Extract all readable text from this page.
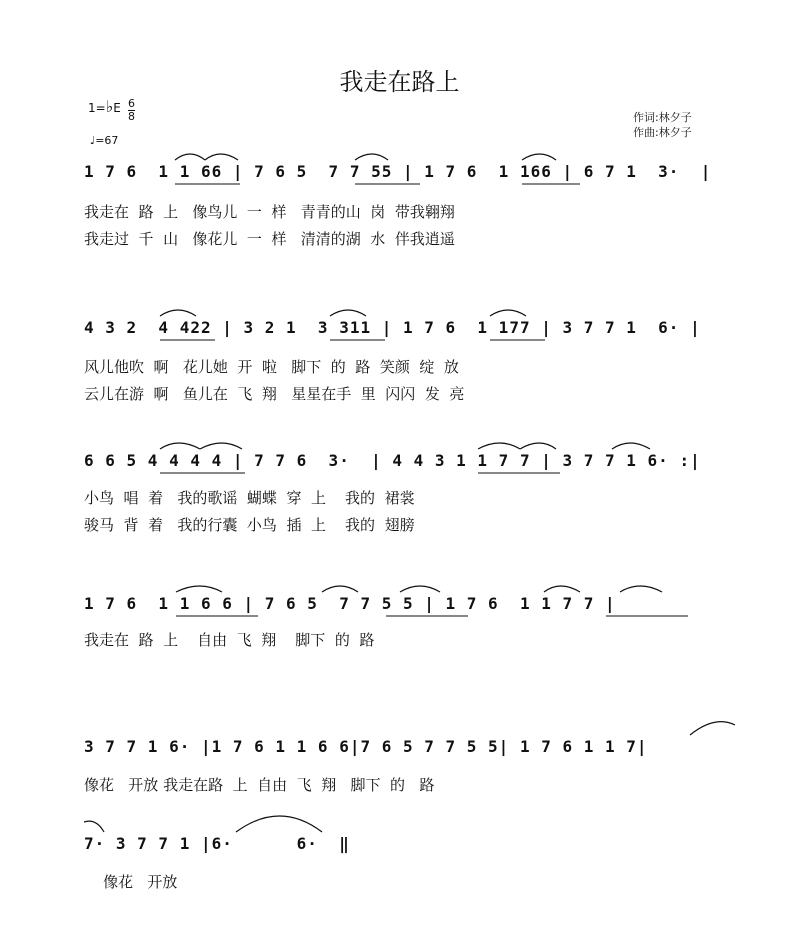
我走在路上
1=♭E $\frac{6}{8}$
♩=67
作词:林夕子
作曲:林夕子
1 7 6  1 1 66 | 7 6 5  7 7 55 | 1 7 6  1 166 | 6 7 1  3·  |
我走在  路  上   像鸟儿  一  样   青青的山  岗  带我翱翔
我走过  千  山   像花儿  一  样   清清的湖  水  伴我逍遥
4 3 2  4 422 | 3 2 1  3 311 | 1 7 6  1 177 | 3 7 7 1  6· |
风儿他吹  啊   花儿她  开  啦   脚下  的  路  笑颜  绽  放
云儿在游  啊   鱼儿在  飞  翔   星星在手  里  闪闪  发  亮
6 6 5 4 4 4 4 | 7 7 6  3·  | 4 4 3 1 1 7 7 | 3 7 7 1 6· :|
小鸟  唱  着   我的歌谣  蝴蝶  穿  上    我的  裙裳
骏马  背  着   我的行囊  小鸟  插  上    我的  翅膀
1 7 6  1 1 6 6 | 7 6 5  7 7 5 5 | 1 7 6  1 1 7 7 |
我走在  路  上    自由  飞  翔    脚下  的  路
3 7 7 1 6· |1 7 6 1 1 6 6|7 6 5 7 7 5 5| 1 7 6 1 1 7|
像花   开放 我走在路  上  自由  飞  翔   脚下  的   路
7· 3 7 7 1 |6·      6·  ‖
像花   开放
